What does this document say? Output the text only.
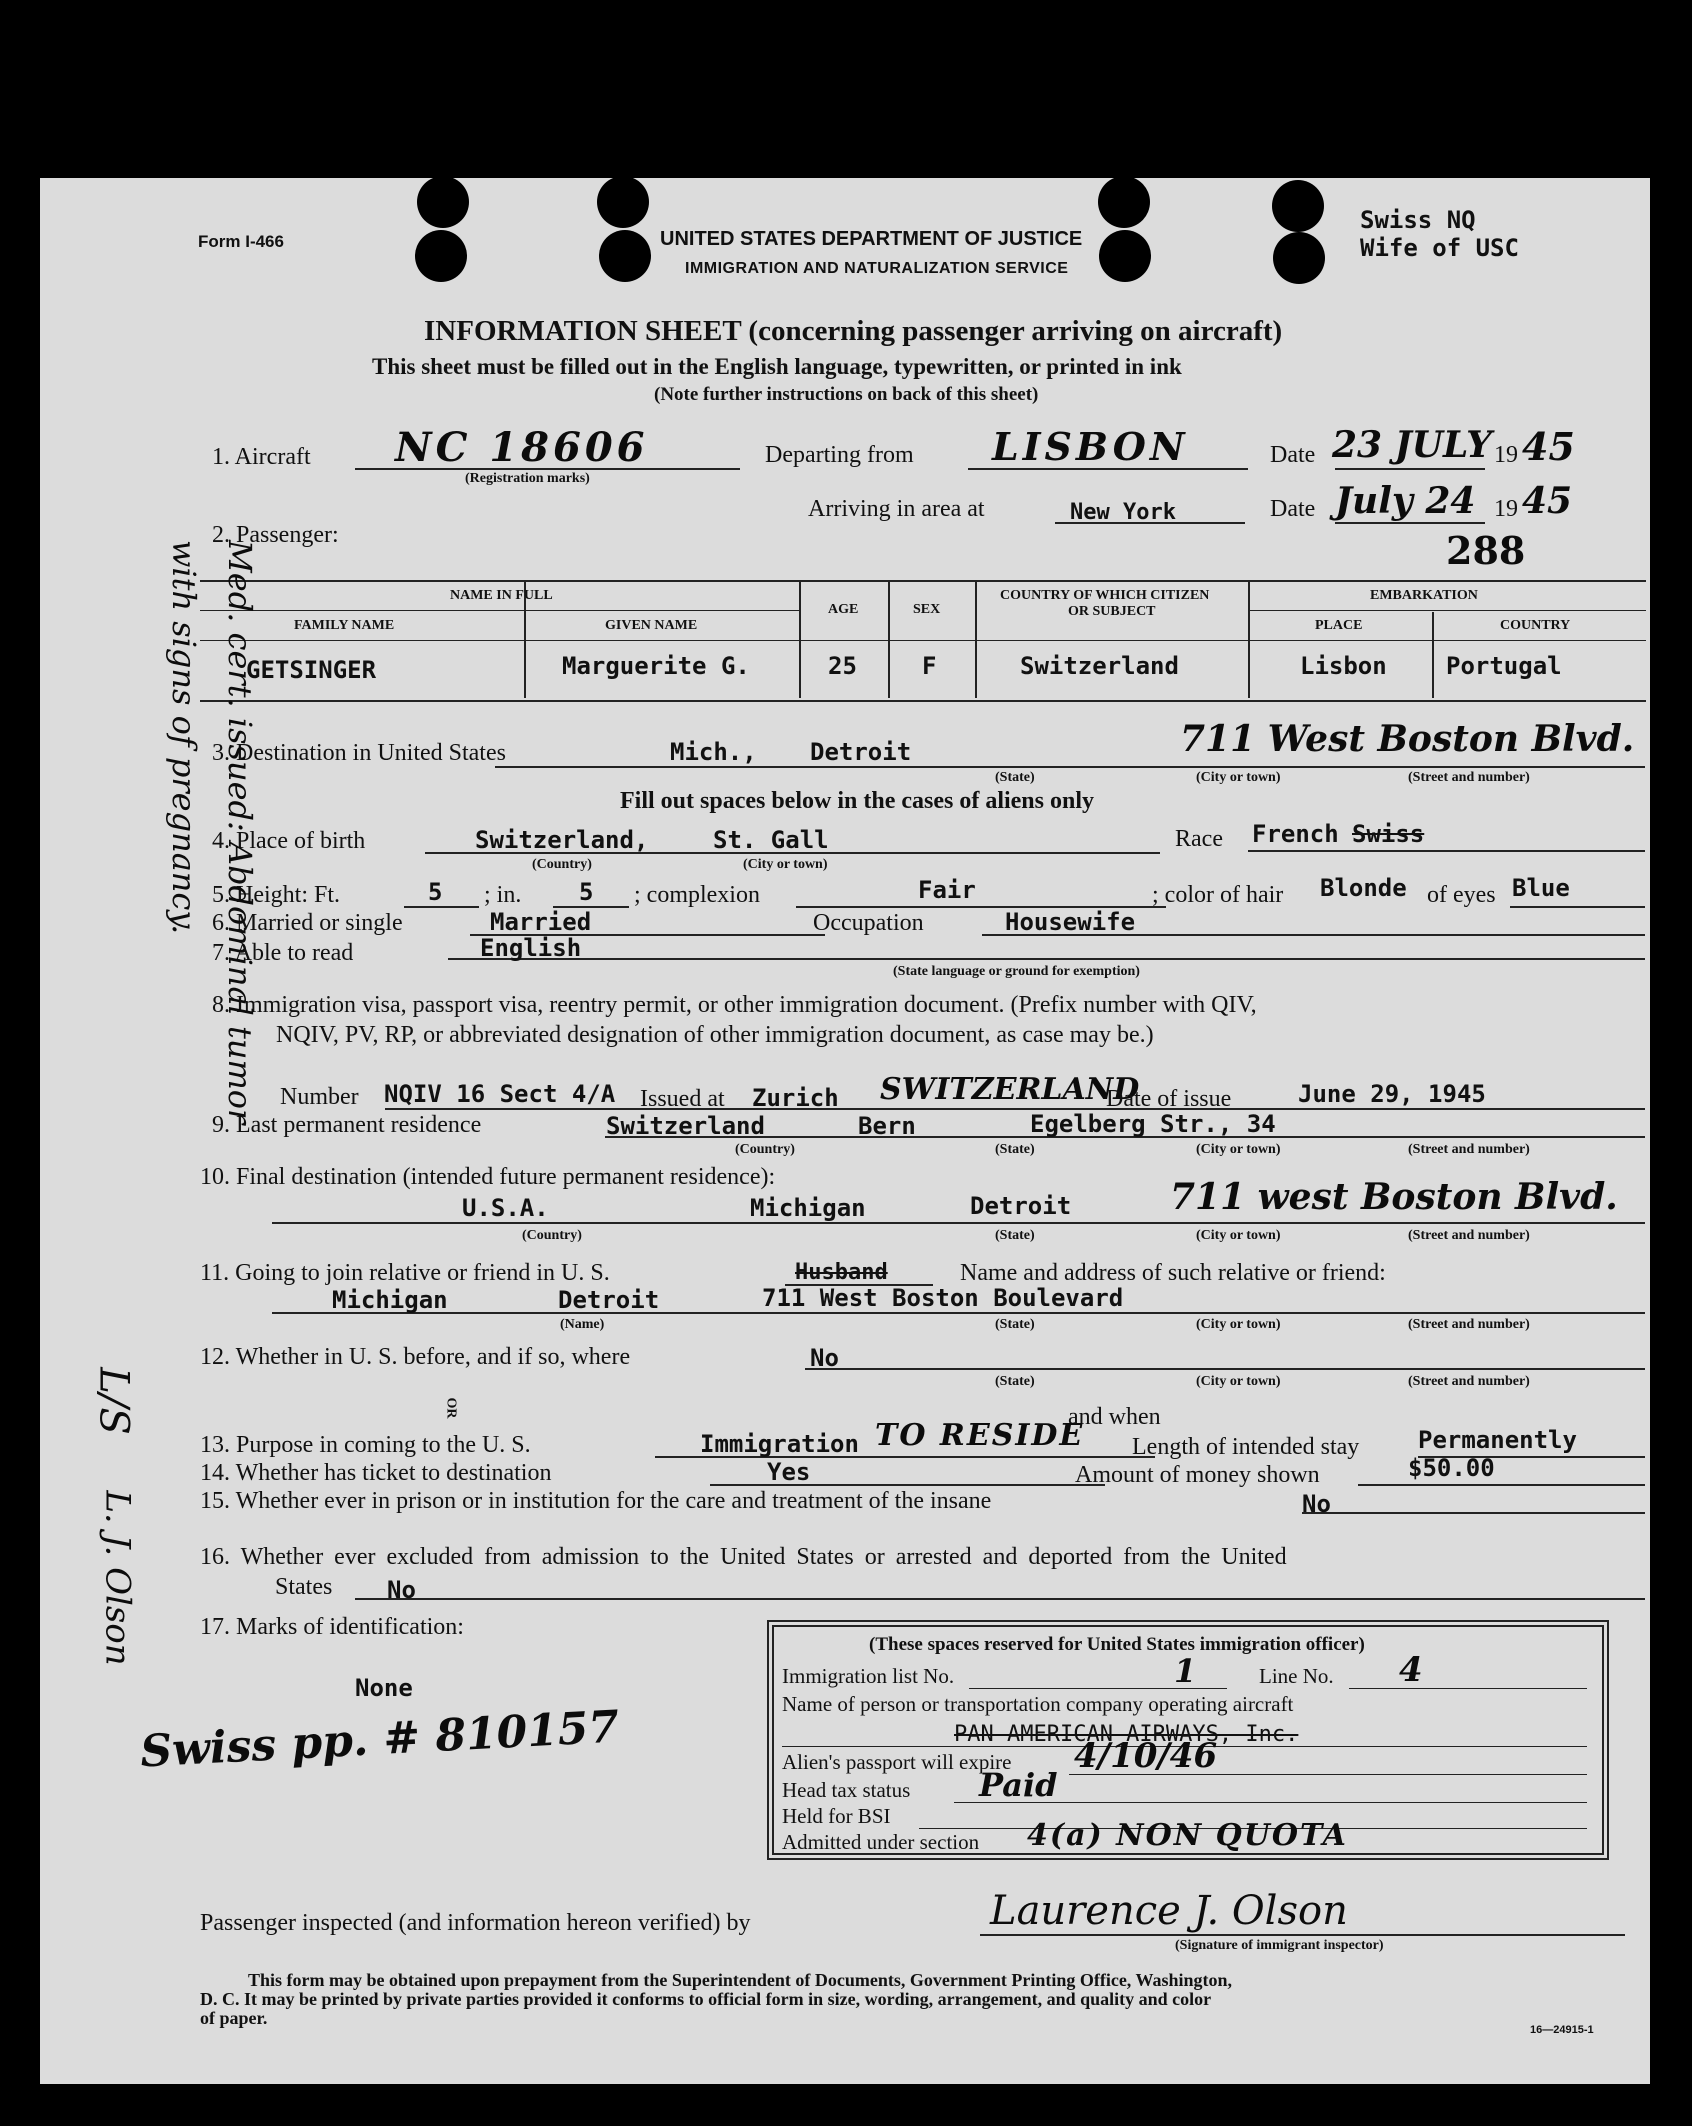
Form I-466	UNITED STATES DEPARTMENT OF JUSTICE
IMMIGRATION AND NATURALIZATION SERVICE
Swiss NQ
Wife of USC
INFORMATION SHEET (concerning passenger arriving on aircraft)
This sheet must be filled out in the English language, typewritten, or printed in ink
(Note further instructions on back of this sheet)
1. Aircraft NC 18606
(Registration marks)
Departing from LISBON	Date 23 JULY 19 45
Arriving in area at	New York	Date July 24 19 45
288
2. Passenger:
NAME IN FULL
FAMILY NAME	GIVEN NAME
AGE	SEX
COUNTRY OF WHICH CITIZEN
OR SUBJECT
EMBARKATION
PLACE	COUNTRY
GETSINGER	Marguerite G.	25	F	Switzerland	Lisbon Portugal
3. Destination in United States	Mich., Detroit	711 West Boston Blvd.
(State)	(City or town)	(Street and number)
Fill out spaces below in the cases of aliens only
4. Place of birth	Switzerland,	St. Gall
(Country)	(City or town)
Race French Swiss
5. Height: Ft.	5 ; in. 5 ; complexion	Fair	; color of hair Blonde of eyes Blue
6. Married or single	Married	Occupation	Housewife
7. Able to read	English
(State language or ground for exemption)
8. Immigration visa, passport visa, reentry permit, or other immigration document. (Prefix number with QIV,
NQIV, PV, RP, or abbreviated designation of other immigration document, as case may be.)
Number NQIV 16 Sect 4/A Issued at Zurich SWITZERLAND
Date of issue	June 29, 1945
9. Last permanent residence	Switzerland	Bern	Egelberg Str., 34
(Country)	(State)	(City or town)	(Street and number)
10. Final destination (intended future permanent residence):
U.S.A.	Michigan	Detroit	711 west Boston Blvd.
(Country)	(State)	(City or town)	(Street and number)
11. Going to join relative or friend in U. S.	Husband	Name and address of such relative or friend:
Michigan	Detroit	711 West Boston Boulevard
(Name)	(State)	(City or town)	(Street and number)
12. Whether in U. S. before, and if so, where	No
(State)	(City or town)	(Street and number)
OR	and when
13. Purpose in coming to the U. S.	Immigration TO RESIDE Length of intended stay Permanently
14. Whether has ticket to destination	Yes	Amount of money shown	$50.00
15. Whether ever in prison or in institution for the care and treatment of the insane	No
16. Whether ever excluded from admission to the United States or arrested and deported from the United
States No
17. Marks of identification:
None
Swiss pp. # 810157
(These spaces reserved for United States immigration officer)
Immigration list No.	1	Line No. 4
Name of person or transportation company operating aircraft
PAN AMERICAN AIRWAYS, Inc.
Alien's passport will expire 4/10/46
Head tax status Paid
Held for BSI
Admitted under section 4(a) NON QUOTA
Passenger inspected (and information hereon verified) by	Laurence J. Olson
(Signature of immigrant inspector)
This form may be obtained upon prepayment from the Superintendent of Documents, Government Printing Office, Washington,
D. C. It may be printed by private parties provided it conforms to official form in size, wording, arrangement, and quality and color
of paper.
16—24915-1
Med. cert. issued: Abdominal tumor with signs of pregnancy.
L/S
L. J. Olson
